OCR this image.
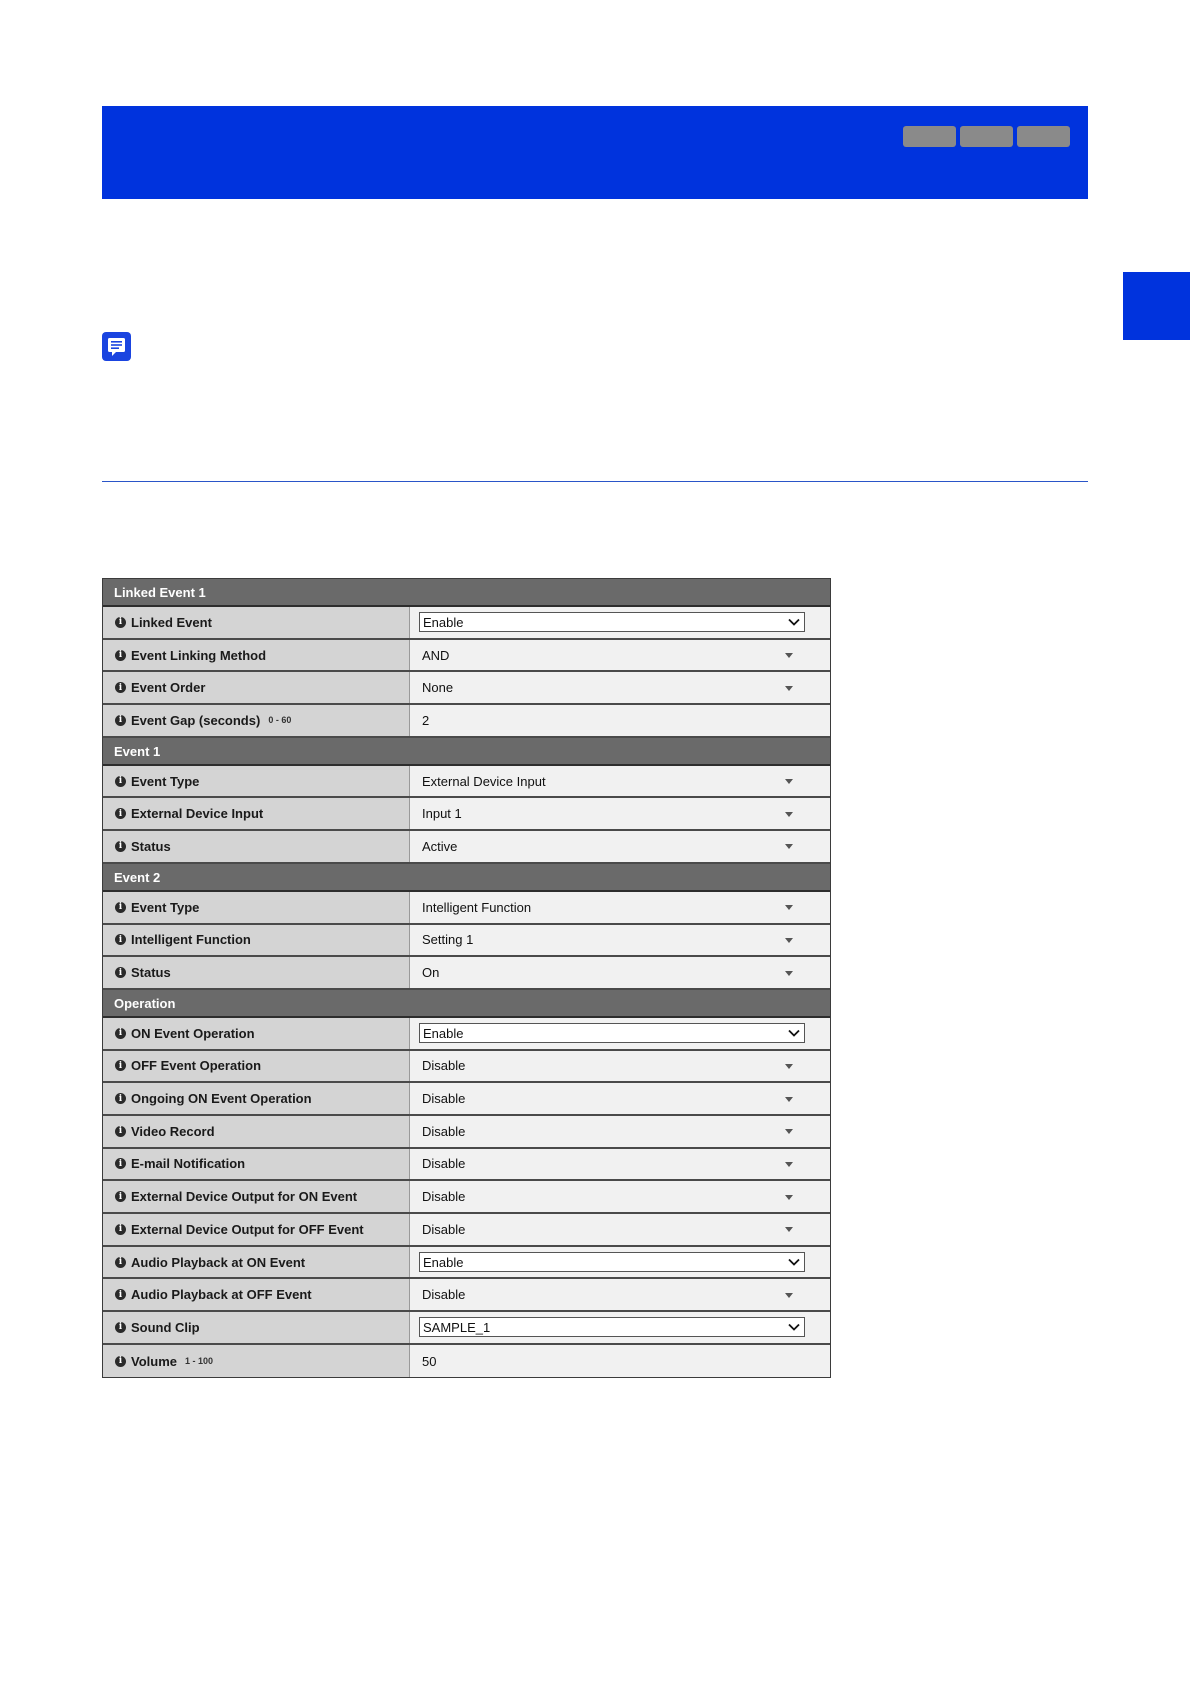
Linked Event 1
i Linked Event	Enable
i Event Linking Method	AND
i Event Order	None
i Event Gap (seconds) 0 - 60	2
Event 1
i Event Type	External Device Input
i External Device Input	Input 1
i Status	Active
Event 2
i Event Type	Intelligent Function
i Intelligent Function	Setting 1
i Status	On
Operation
i ON Event Operation	Enable
i OFF Event Operation	Disable
i Ongoing ON Event Operation	Disable
i Video Record	Disable
i E-mail Notification	Disable
i External Device Output for ON Event	Disable
i External Device Output for OFF Event	Disable
i Audio Playback at ON Event	Enable
i Audio Playback at OFF Event	Disable
i Sound Clip	SAMPLE_1
i Volume 1 - 100	50
